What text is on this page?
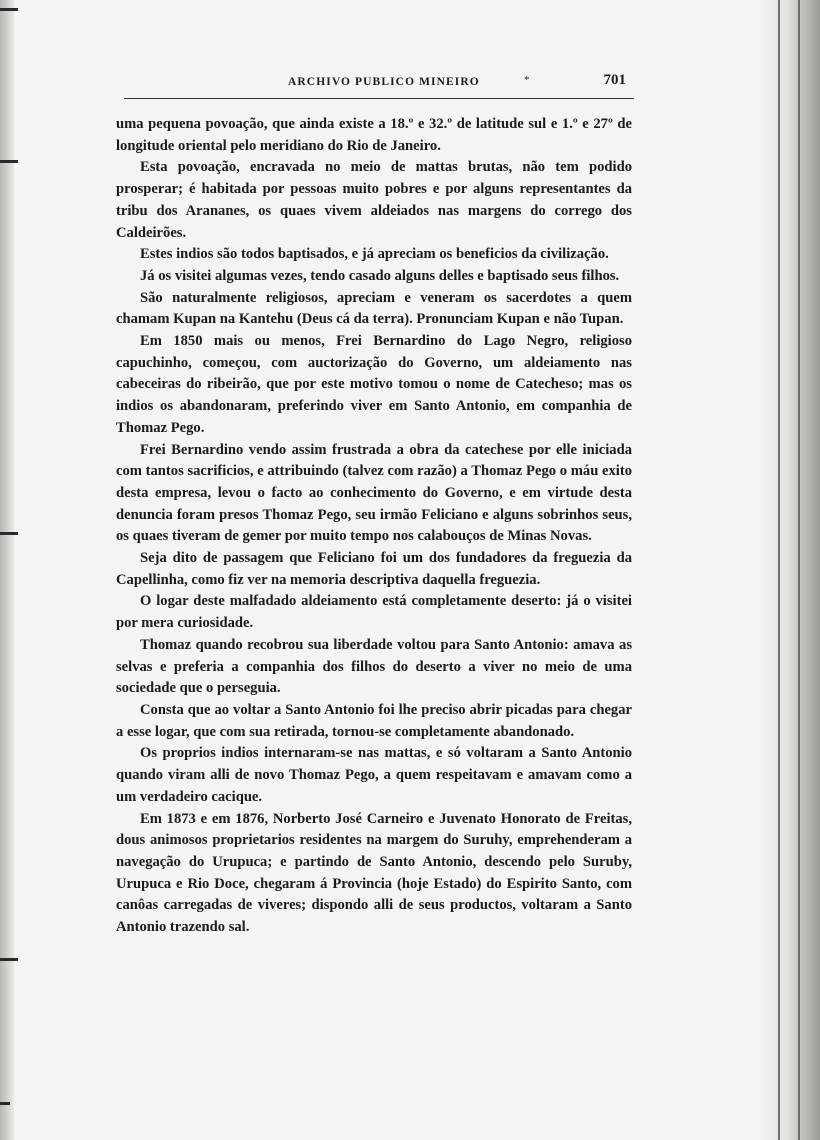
ARCHIVO PUBLICO MINEIRO	*	701

uma pequena povoação, que ainda existe a 18.º e 32.º de latitude sul e 1.º e 27º de longitude oriental pelo meridiano do Rio de Janeiro.

Esta povoação, encravada no meio de mattas brutas, não tem podido prosperar; é habitada por pessoas muito pobres e por alguns representantes da tribu dos Arananes, os quaes vivem aldeiados nas margens do corrego dos Caldeirões.

Estes indios são todos baptisados, e já apreciam os beneficios da civilização.

Já os visitei algumas vezes, tendo casado alguns delles e baptisado seus filhos.

São naturalmente religiosos, apreciam e veneram os sacerdotes a quem chamam Kupan na Kantehu (Deus cá da terra). Pronunciam Kupan e não Tupan.

Em 1850 mais ou menos, Frei Bernardino do Lago Negro, religioso capuchinho, começou, com auctorização do Governo, um aldeiamento nas cabeceiras do ribeirão, que por este motivo tomou o nome de Catecheso; mas os indios os abandonaram, preferindo viver em Santo Antonio, em companhia de Thomaz Pego.

Frei Bernardino vendo assim frustrada a obra da catechese por elle iniciada com tantos sacrificios, e attribuindo (talvez com razão) a Thomaz Pego o máu exito desta empresa, levou o facto ao conhecimento do Governo, e em virtude desta denuncia foram presos Thomaz Pego, seu irmão Feliciano e alguns sobrinhos seus, os quaes tiveram de gemer por muito tempo nos calabouços de Minas Novas.

Seja dito de passagem que Feliciano foi um dos fundadores da freguezia da Capellinha, como fiz ver na memoria descriptiva daquella freguezia.

O logar deste malfadado aldeiamento está completamente deserto: já o visitei por mera curiosidade.

Thomaz quando recobrou sua liberdade voltou para Santo Antonio: amava as selvas e preferia a companhia dos filhos do deserto a viver no meio de uma sociedade que o perseguia.

Consta que ao voltar a Santo Antonio foi lhe preciso abrir picadas para chegar a esse logar, que com sua retirada, tornou-se completamente abandonado.

Os proprios indios internaram-se nas mattas, e só voltaram a Santo Antonio quando viram alli de novo Thomaz Pego, a quem respeitavam e amavam como a um verdadeiro cacique.

Em 1873 e em 1876, Norberto José Carneiro e Juvenato Honorato de Freitas, dous animosos proprietarios residentes na margem do Suruhy, emprehenderam a navegação do Urupuca; e partindo de Santo Antonio, descendo pelo Suruby, Urupuca e Rio Doce, chegaram á Provincia (hoje Estado) do Espirito Santo, com canôas carregadas de viveres; dispondo alli de seus productos, voltaram a Santo Antonio trazendo sal.
